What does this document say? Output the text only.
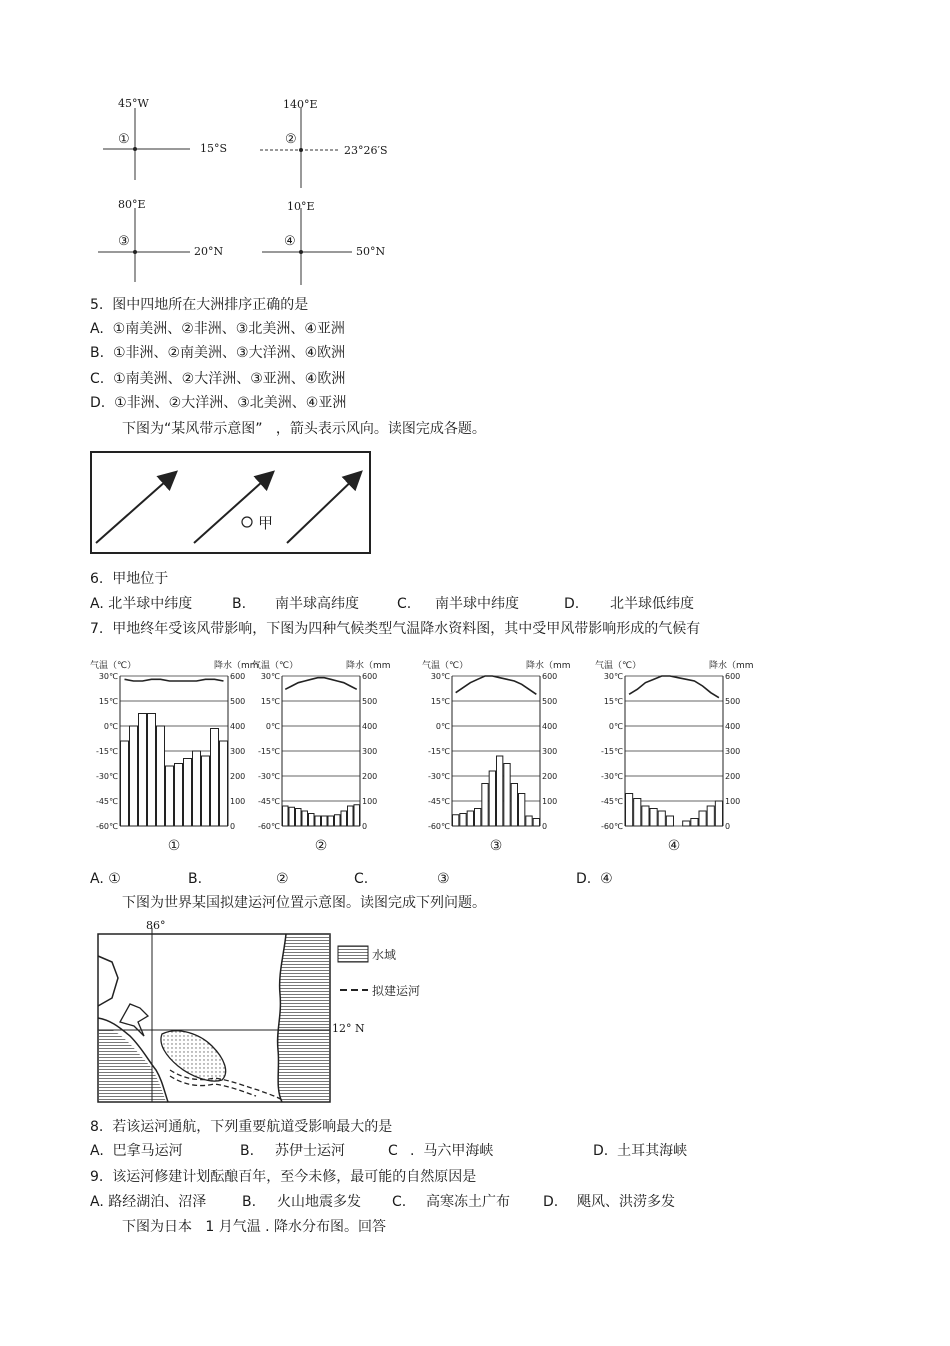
45°W
①
15°S
140°E
②
23°26′S
80°E
③
20°N
10°E
④
50°N
5.  图中四地所在大洲排序正确的是
A.  ①南美洲、②非洲、③北美洲、④亚洲
B.  ①非洲、②南美洲、③大洋洲、④欧洲
C.  ①南美洲、②大洋洲、③亚洲、④欧洲
D.  ①非洲、②大洋洲、③北美洲、④亚洲
下图为“某风带示意图”   ，箭头表示风向。读图完成各题。
甲
6.  甲地位于
A. 北半球中纬度	B. 南半球高纬度	C. 南半球中纬度	D. 北半球低纬度
7.  甲地终年受该风带影响，下图为四种气候类型气温降水资料图，其中受甲风带影响形成的气候有
气温（℃）	降水（mm
30℃
15℃
0℃
-15℃
-30℃
-45℃
-60℃
600
500
400
300
200
100
0
①
气温（℃）	降水（mm
30℃
15℃
0℃
-15℃
-30℃
-45℃
-60℃
600
500
400
300
200
100
0
②
气温（℃）	降水（mm
30℃
15℃
0℃
-15℃
-30℃
-45℃
-60℃
600
500
400
300
200
100
0
③
气温（℃）	降水（mm
30℃
15℃
0℃
-15℃
-30℃
-45℃
-60℃
600
500
400
300
200
100
0
④
A. ①	B.	②	C.	③	D.  ④
下图为世界某国拟建运河位置示意图。读图完成下列问题。
86°
12° N
水域
拟建运河
8.  若该运河通航，下列重要航道受影响最大的是
A.  巴拿马运河	B. 苏伊士运河	C .  马六甲海峡	D.  土耳其海峡
9.  该运河修建计划酝酿百年，至今未修，最可能的自然原因是
A. 路经湖泊、沼泽	B. 火山地震多发 C. 高寒冻土广布 D. 飓风、洪涝多发
下图为日本   1 月气温 . 降水分布图。回答
